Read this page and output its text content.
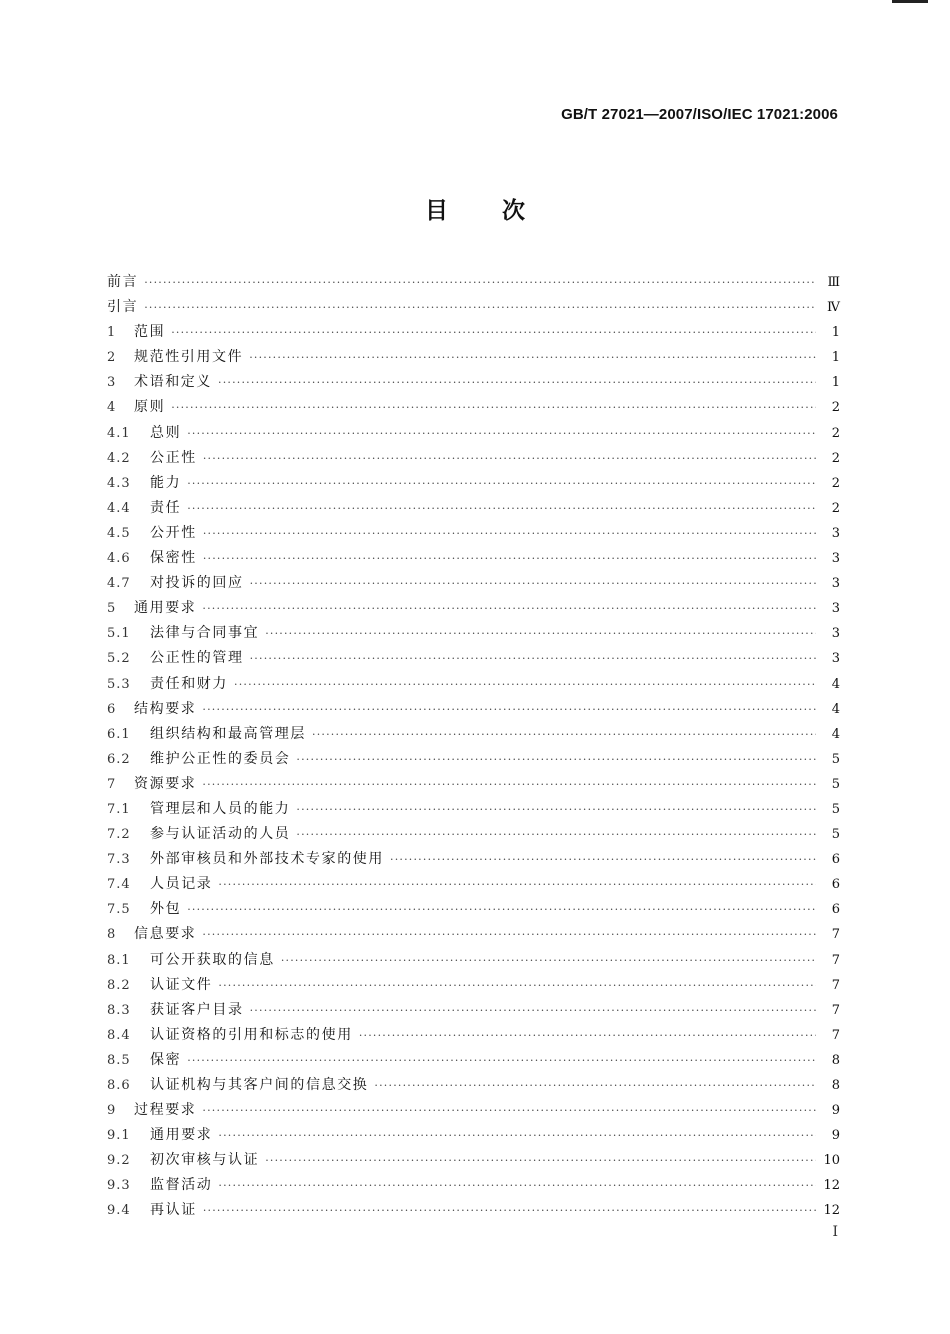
GB/T 27021—2007/ISO/IEC 17021:2006
目次
前言 ·····	Ⅲ
引言 ·····	Ⅳ
1	范围 ·····	1
2	规范性引用文件 ·····	1
3	术语和定义 ·····	1
4	原则 ·····	2
4.1	总则 ·····	2
4.2	公正性 ·····	2
4.3	能力 ·····	2
4.4	责任 ·····	2
4.5	公开性 ·····	3
4.6	保密性 ·····	3
4.7	对投诉的回应 ·····	3
5	通用要求 ·····	3
5.1	法律与合同事宜 ·····	3
5.2	公正性的管理 ·····	3
5.3	责任和财力 ·····	4
6	结构要求 ·····	4
6.1	组织结构和最高管理层 ·····	4
6.2	维护公正性的委员会 ·····	5
7	资源要求 ·····	5
7.1	管理层和人员的能力 ·····	5
7.2	参与认证活动的人员 ·····	5
7.3	外部审核员和外部技术专家的使用 ·····	6
7.4	人员记录 ·····	6
7.5	外包 ·····	6
8	信息要求 ·····	7
8.1	可公开获取的信息 ·····	7
8.2	认证文件 ·····	7
8.3	获证客户目录 ·····	7
8.4	认证资格的引用和标志的使用 ·····	7
8.5	保密 ·····	8
8.6	认证机构与其客户间的信息交换 ·····	8
9	过程要求 ·····	9
9.1	通用要求 ·····	9
9.2	初次审核与认证 ·····	10
9.3	监督活动 ·····	12
9.4	再认证 ·····	12
I
